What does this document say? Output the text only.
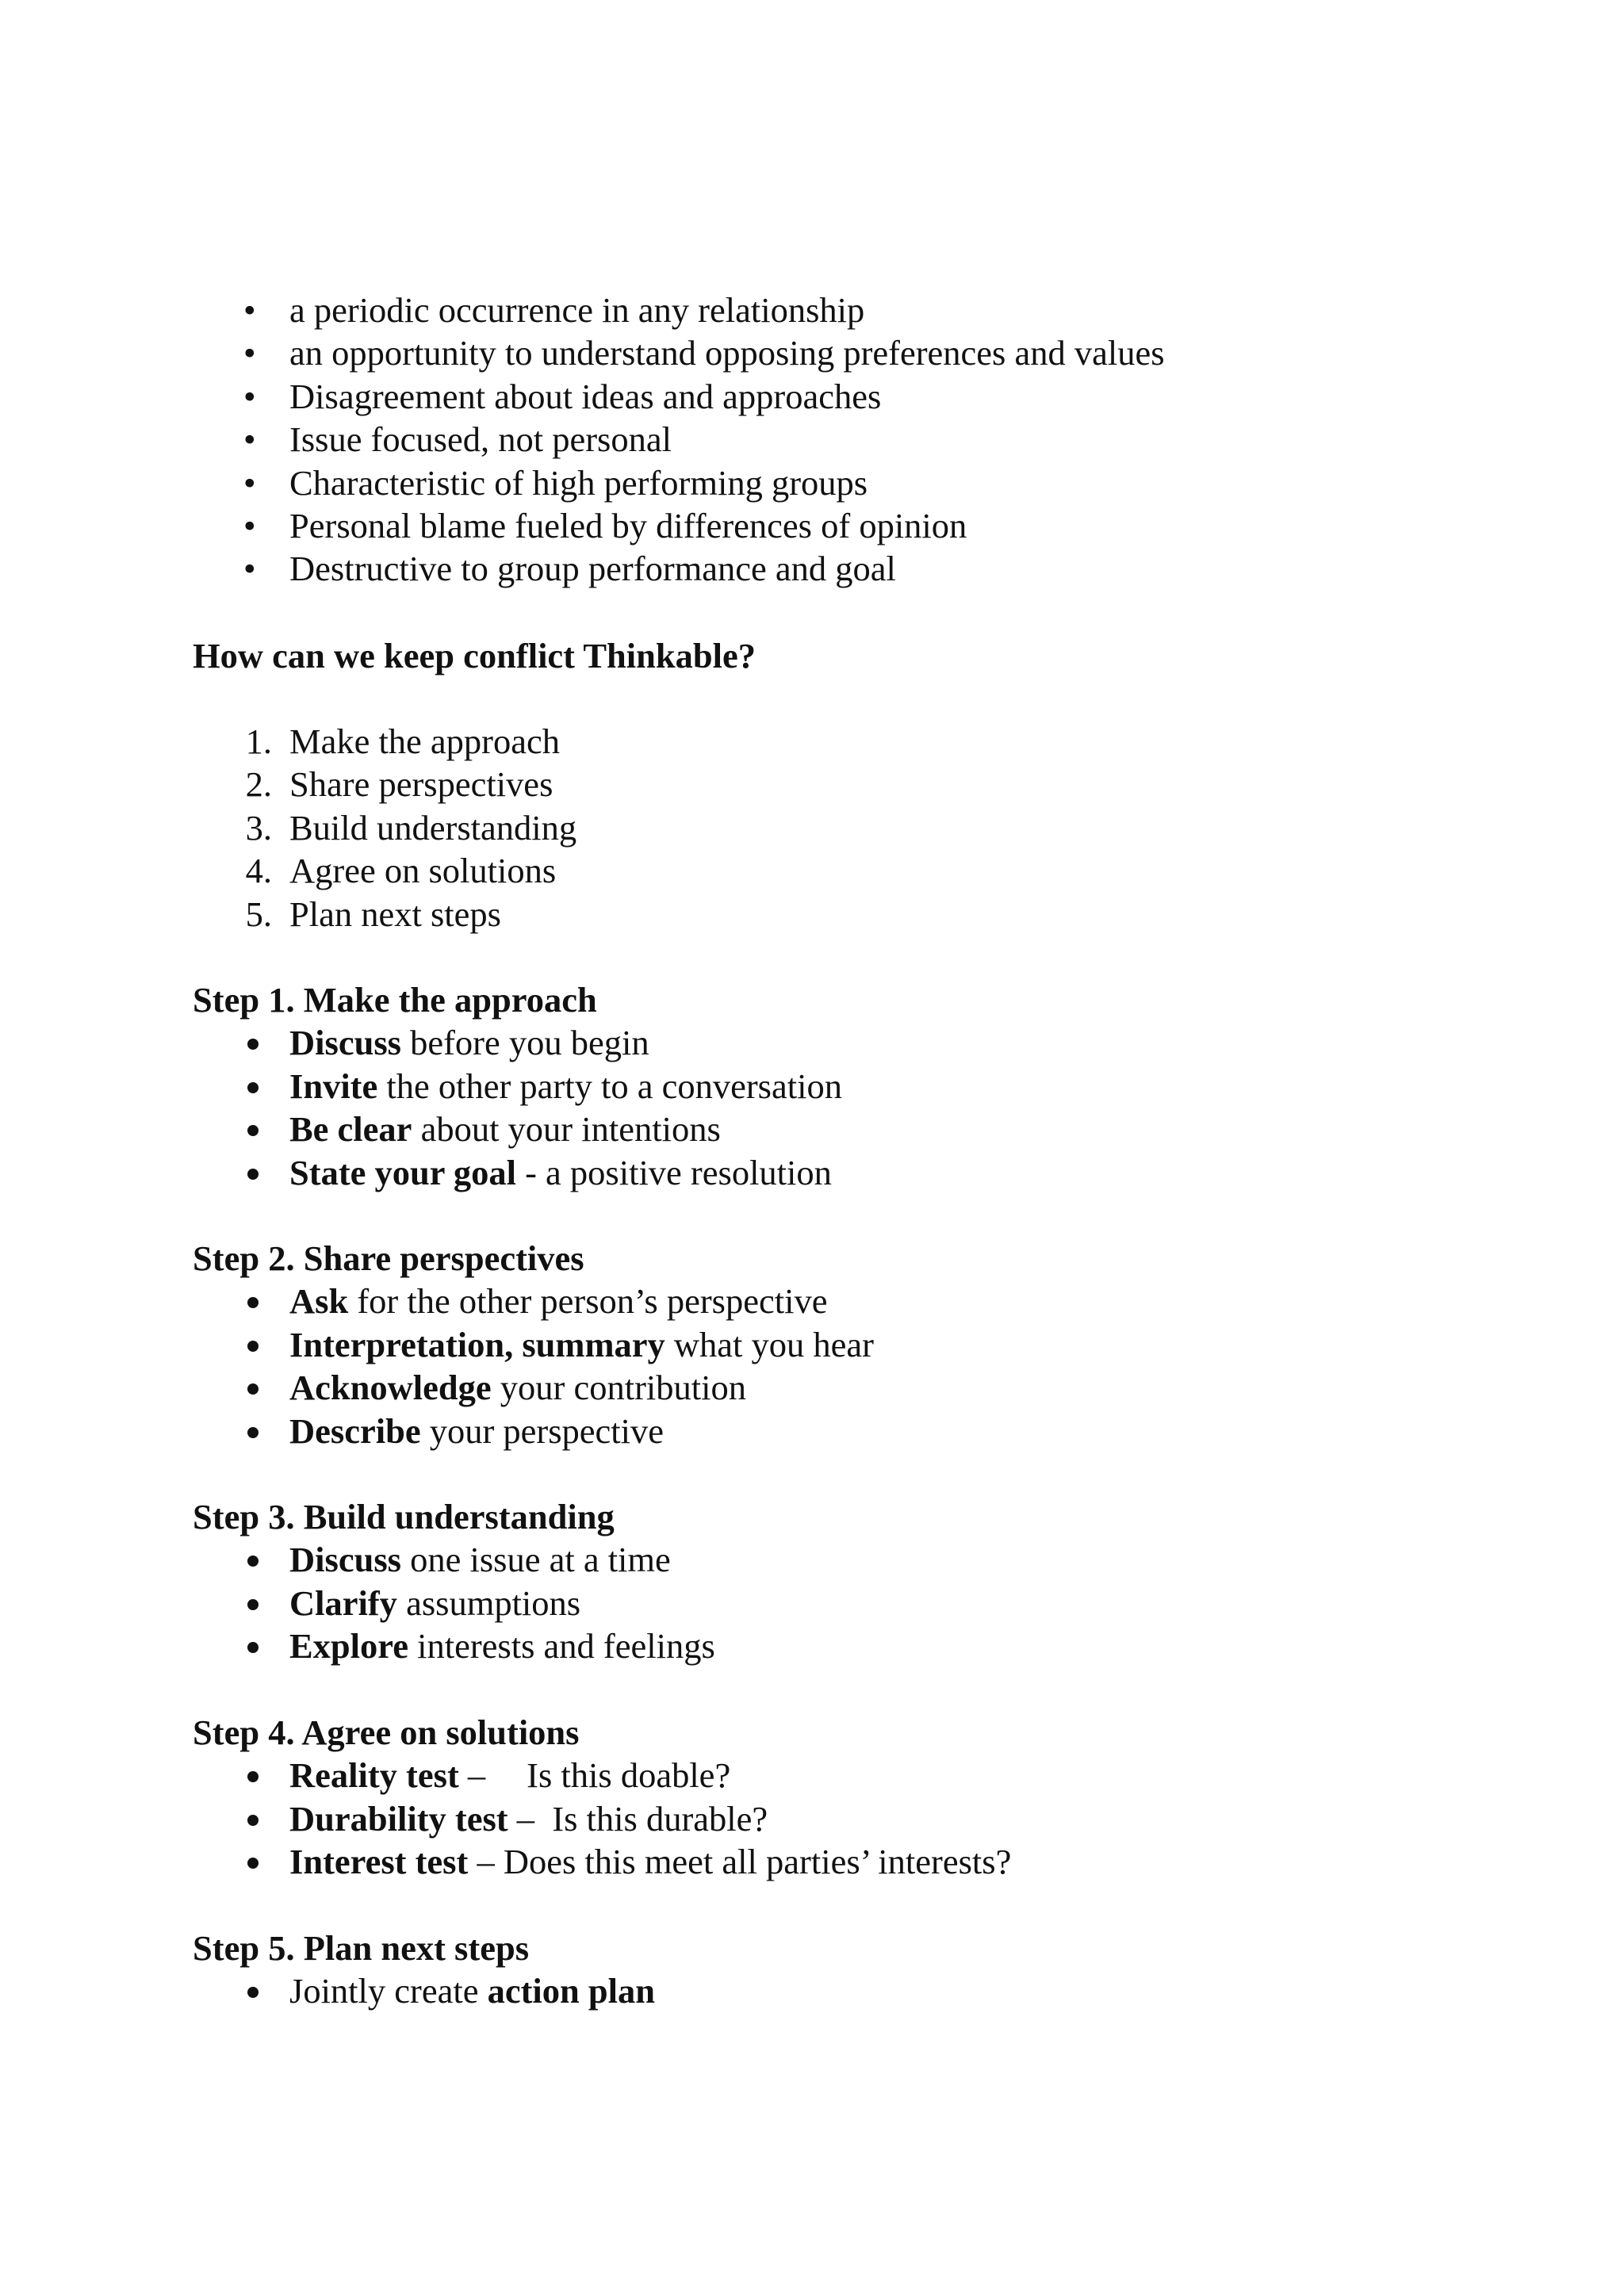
• a periodic occurrence in any relationship
• an opportunity to understand opposing preferences and values
• Disagreement about ideas and approaches
• Issue focused, not personal
• Characteristic of high performing groups
• Personal blame fueled by differences of opinion
• Destructive to group performance and goal
How can we keep conflict Thinkable?
1. Make the approach
2. Share perspectives
3. Build understanding
4. Agree on solutions
5. Plan next steps
Step 1. Make the approach
Discuss before you begin
Invite the other party to a conversation
Be clear about your intentions
State your goal - a positive resolution
Step 2. Share perspectives
Ask for the other person’s perspective
Interpretation, summary what you hear
Acknowledge your contribution
Describe your perspective
Step 3. Build understanding
Discuss one issue at a time
Clarify assumptions
Explore interests and feelings
Step 4. Agree on solutions
Reality test – Is this doable?
Durability test –  Is this durable?
Interest test – Does this meet all parties’ interests?
Step 5. Plan next steps
Jointly create action plan
